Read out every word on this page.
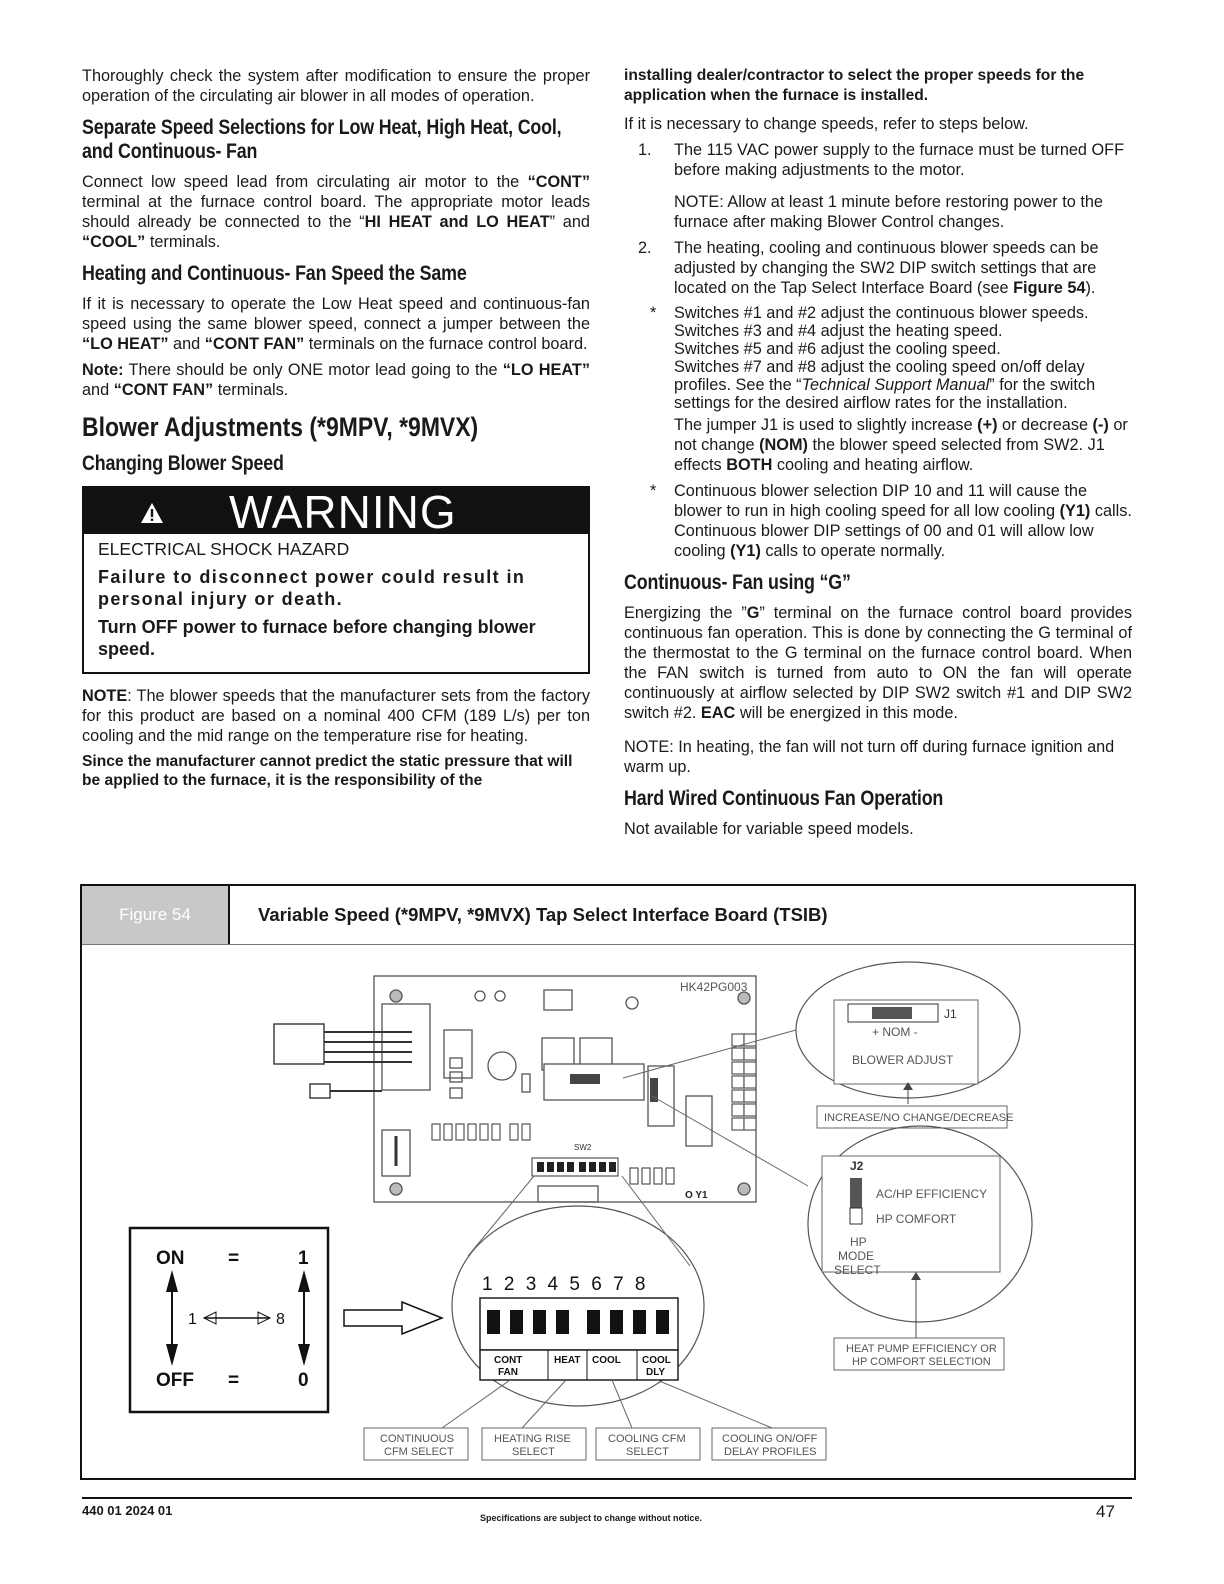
Thoroughly check the system after modification to ensure the proper operation of the circulating air blower in all modes of operation.

Separate Speed Selections for Low Heat, High Heat, Cool, and Continuous- Fan

Connect low speed lead from circulating air motor to the “CONT” terminal at the furnace control board. The appropriate motor leads should already be connected to the “HI HEAT and LO HEAT” and “COOL” terminals.

Heating and Continuous- Fan Speed the Same

If it is necessary to operate the Low Heat speed and continuous-fan speed using the same blower speed, connect a jumper between the “LO HEAT” and “CONT FAN” terminals on the furnace control board.

Note: There should be only ONE motor lead going to the “LO HEAT” and “CONT FAN” terminals.

Blower Adjustments (*9MPV, *9MVX)
Changing Blower Speed
WARNING

ELECTRICAL SHOCK HAZARD

Failure to disconnect power could result in personal injury or death.

Turn OFF power to furnace before changing blower speed.

NOTE: The blower speeds that the manufacturer sets from the factory for this product are based on a nominal 400 CFM (189 L/s) per ton cooling and the mid range on the temperature rise for heating.

Since the manufacturer cannot predict the static pressure that will be applied to the furnace, it is the responsibility of the

installing dealer/contractor to select the proper speeds for the application when the furnace is installed.

If it is necessary to change speeds, refer to steps below.

1. The 115 VAC power supply to the furnace must be turned OFF before making adjustments to the motor.
NOTE: Allow at least 1 minute before restoring power to the furnace after making Blower Control changes.
2. The heating, cooling and continuous blower speeds can be adjusted by changing the SW2 DIP switch settings that are located on the Tap Select Interface Board (see Figure 54).
* Switches #1 and #2 adjust the continuous blower speeds.
Switches #3 and #4 adjust the heating speed.
Switches #5 and #6 adjust the cooling speed.
Switches #7 and #8 adjust the cooling speed on/off delay profiles. See the “Technical Support Manual” for the switch settings for the desired airflow rates for the installation.
The jumper J1 is used to slightly increase (+) or decrease (-) or not change (NOM) the blower speed selected from SW2. J1 effects BOTH cooling and heating airflow.
* Continuous blower selection DIP 10 and 11 will cause the blower to run in high cooling speed for all low cooling (Y1) calls. Continuous blower DIP settings of 00 and 01 will allow low cooling (Y1) calls to operate normally.
Continuous- Fan using “G”

Energizing the ”G” terminal on the furnace control board provides continuous fan operation. This is done by connecting the G terminal of the thermostat to the G terminal on the furnace control board. When the FAN switch is turned from auto to ON the fan will operate continuously at airflow selected by DIP SW2 switch #1 and DIP SW2 switch #2. EAC will be energized in this mode.

NOTE: In heating, the fan will not turn off during furnace ignition and warm up.

Hard Wired Continuous Fan Operation

Not available for variable speed models.

Figure 54	Variable Speed (*9MPV, *9MVX) Tap Select Interface Board (TSIB)
HK42PG003
SW2
O Y1
J1
+ NOM -
BLOWER ADJUST
INCREASE/NO CHANGE/DECREASE
J2
AC/HP EFFICIENCY
HP COMFORT
HP
MODE
SELECT
HEAT PUMP EFFICIENCY OR
HP COMFORT SELECTION
ON =	1
OFF =	0
1	8
1 2 3 4 5 6 7 8
CONT
FAN
HEAT COOL COOL
DLY
CONTINUOUS
CFM SELECT
HEATING RISE
SELECT
COOLING CFM
SELECT
COOLING ON/OFF
DELAY PROFILES
440 01 2024 01	Specifications are subject to change without notice.	47
